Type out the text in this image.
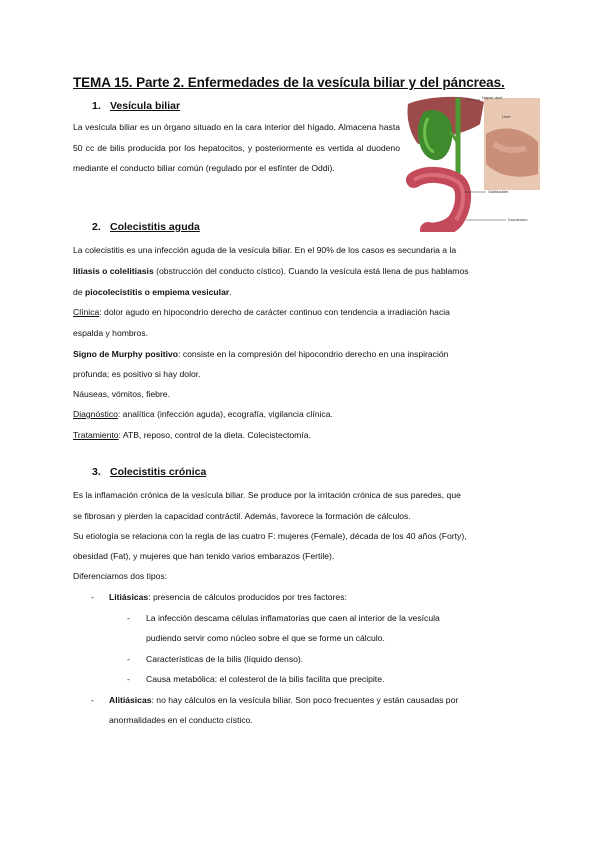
TEMA 15. Parte 2. Enfermedades de la vesícula biliar y del páncreas.
1. Vesícula biliar
La vesícula biliar es un órgano situado en la cara interior del hígado. Almacena hasta 50 cc de bilis producida por los hepatocitos, y posteriormente es vertida al duodeno mediante el conducto biliar común (regulado por el esfínter de Oddi).
Hepat. duct
Gallbladder
Liver
Duodenum
2. Colecistitis aguda
La colecistitis es una infección aguda de la vesícula biliar. En el 90% de los casos es secundaria a la
litiasis o colelitiasis (obstrucción del conducto cístico). Cuando la vesícula está llena de pus hablamos
de piocolecistitis o empiema vesicular.
Clínica: dolor agudo en hipocondrio derecho de carácter continuo con tendencia a irradiación hacia
espalda y hombros.
Signo de Murphy positivo: consiste en la compresión del hipocondrio derecho en una inspiración
profunda; es positivo si hay dolor.
Náuseas, vómitos, fiebre.
Diagnóstico: analítica (infección aguda), ecografía, vigilancia clínica.
Tratamiento: ATB, reposo, control de la dieta. Colecistectomía.
3. Colecistitis crónica
Es la inflamación crónica de la vesícula biliar. Se produce por la irritación crónica de sus paredes, que
se fibrosan y pierden la capacidad contráctil. Además, favorece la formación de cálculos.
Su etiología se relaciona con la regla de las cuatro F: mujeres (Female), década de los 40 años (Forty),
obesidad (Fat), y mujeres que han tenido varios embarazos (Fertile).
Diferenciamos dos tipos:
- Litiásicas: presencia de cálculos producidos por tres factores:
- La infección descama células inflamatorias que caen al interior de la vesícula
pudiendo servir como núcleo sobre el que se forme un cálculo.
- Características de la bilis (líquido denso).
- Causa metabólica: el colesterol de la bilis facilita que precipite.
- Alitiásicas: no hay cálculos en la vesícula biliar. Son poco frecuentes y están causadas por
anormalidades en el conducto cístico.
